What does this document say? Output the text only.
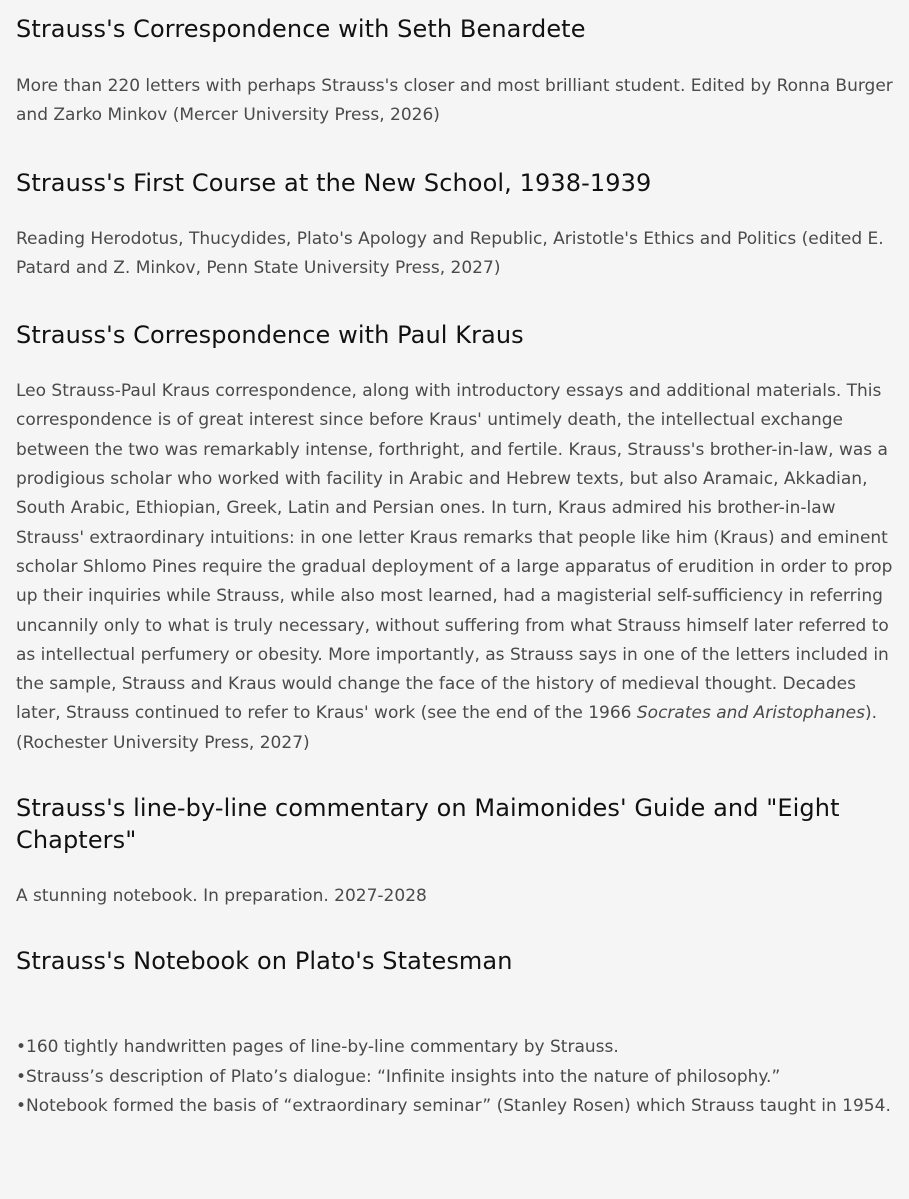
Strauss's Correspondence with Seth Benardete

More than 220 letters with perhaps Strauss's closer and most brilliant student. Edited by Ronna Burger and Zarko Minkov (Mercer University Press, 2026)

Strauss's First Course at the New School, 1938-1939

Reading Herodotus, Thucydides, Plato's Apology and Republic, Aristotle's Ethics and Politics (edited E. Patard and Z. Minkov, Penn State University Press, 2027)

Strauss's Correspondence with Paul Kraus

Leo Strauss-Paul Kraus correspondence, along with introductory essays and additional materials. This correspondence is of great interest since before Kraus' untimely death, the intellectual exchange between the two was remarkably intense, forthright, and fertile. Kraus, Strauss's brother-in-law, was a prodigious scholar who worked with facility in Arabic and Hebrew texts, but also Aramaic, Akkadian, South Arabic, Ethiopian, Greek, Latin and Persian ones. In turn, Kraus admired his brother-in-law Strauss' extraordinary intuitions: in one letter Kraus remarks that people like him (Kraus) and eminent scholar Shlomo Pines require the gradual deployment of a large apparatus of erudition in order to prop up their inquiries while Strauss, while also most learned, had a magisterial self-sufficiency in referring uncannily only to what is truly necessary, without suffering from what Strauss himself later referred to as intellectual perfumery or obesity. More importantly, as Strauss says in one of the letters included in the sample, Strauss and Kraus would change the face of the history of medieval thought. Decades later, Strauss continued to refer to Kraus' work (see the end of the 1966 Socrates and Aristophanes). (Rochester University Press, 2027)

Strauss's line-by-line commentary on Maimonides' Guide and "Eight Chapters"

A stunning notebook. In preparation. 2027-2028

Strauss's Notebook on Plato's Statesman

•160 tightly handwritten pages of line-by-line commentary by Strauss.
•Strauss’s description of Plato’s dialogue: “Infinite insights into the nature of philosophy.”
•Notebook formed the basis of “extraordinary seminar” (Stanley Rosen) which Strauss taught in 1954.
